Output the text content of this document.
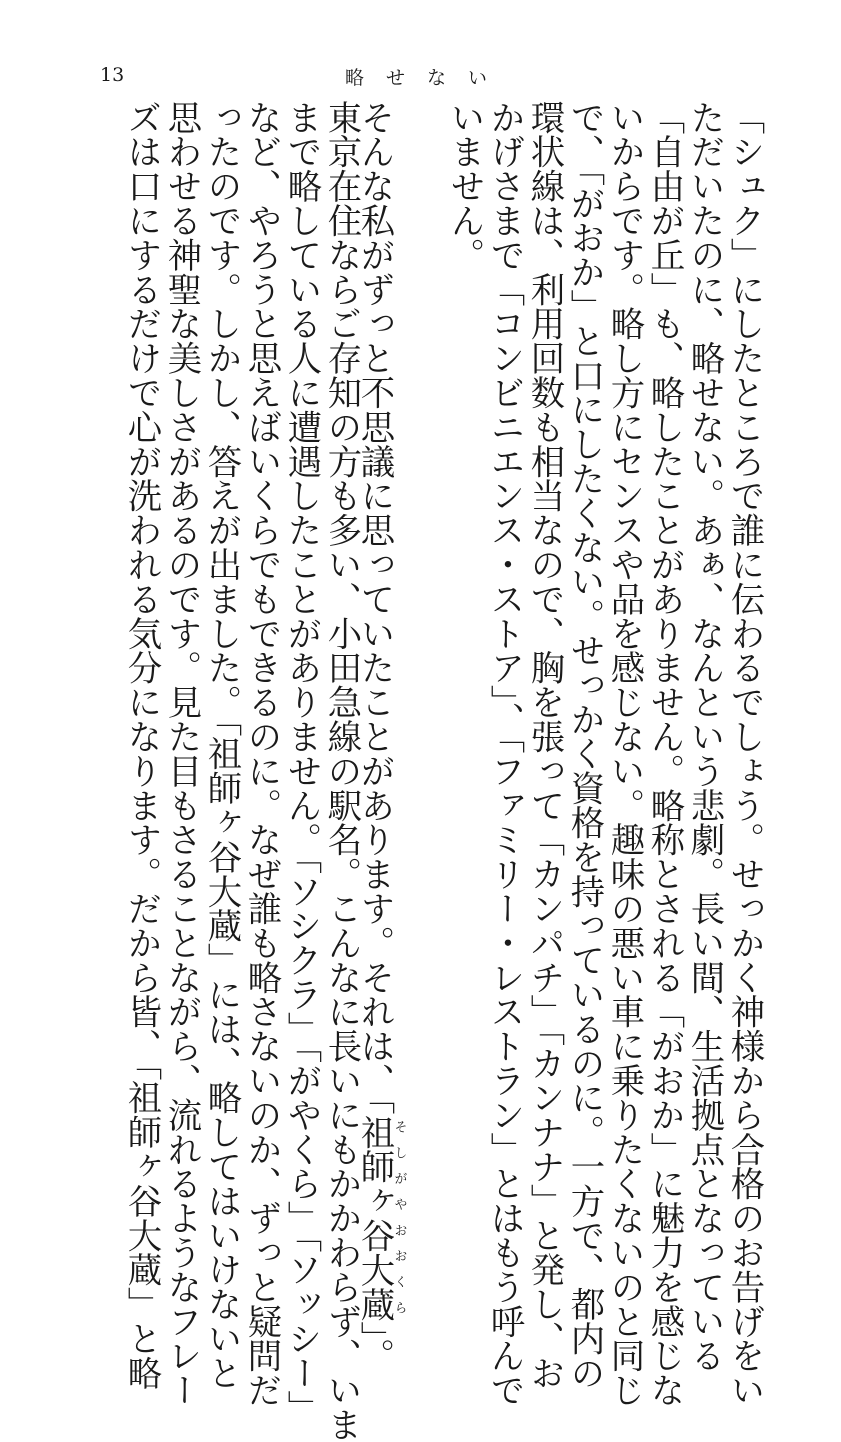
13	略せない
「シュク」にしたところで誰に伝わるでしょう。せっかく神様から合格のお告げをい
ただいたのに、略せない。あぁ、なんという悲劇。長い間、生活拠点となっている
「自由が丘」も、略したことがありません。略称とされる「がおか」に魅力を感じな
いからです。略し方にセンスや品を感じない。趣味の悪い車に乗りたくないのと同じ
で、「がおか」と口にしたくない。せっかく資格を持っているのに。一方で、都内の
環状線は、利用回数も相当なので、胸を張って「カンパチ」「カンナナ」と発し、お
かげさまで「コンビニエンス・ストア」、「ファミリー・レストラン」とはもう呼んで
いません。
そんな私がずっと不思議に思っていたことがあります。それは、「祖師ヶ谷大蔵そしがやおおくら」。
東京在住ならご存知の方も多い、小田急線の駅名。こんなに長いにもかかわらず、いま
まで略している人に遭遇したことがありません。「ソシクラ」「がやくら」「ソッシー」
など、やろうと思えばいくらでもできるのに。なぜ誰も略さないのか、ずっと疑問だ
ったのです。しかし、答えが出ました。「祖師ヶ谷大蔵」には、略してはいけないと
思わせる神聖な美しさがあるのです。見た目もさることながら、流れるようなフレー
ズは口にするだけで心が洗われる気分になります。だから皆、「祖師ヶ谷大蔵」と略
